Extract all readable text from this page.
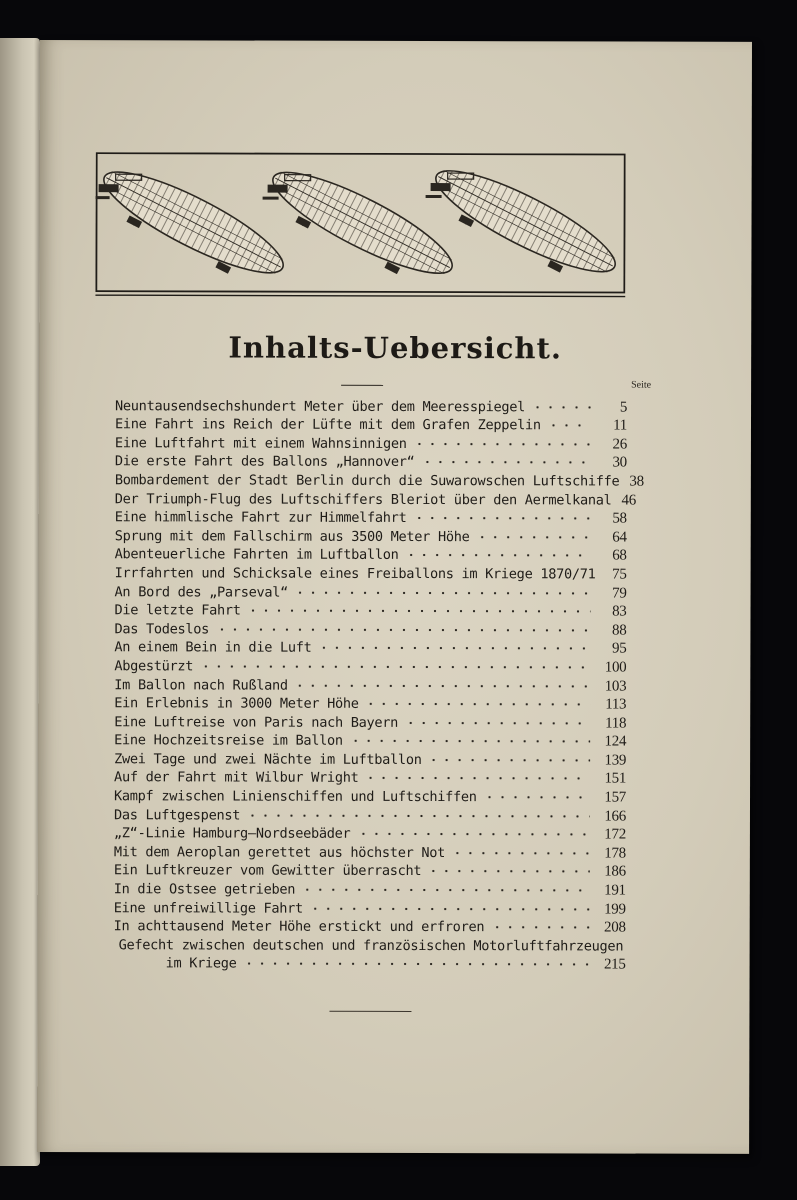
Inhalts-Uebersicht.
Seite
Neuntausendsechshundert Meter über dem Meeresspiegel	5
Eine Fahrt ins Reich der Lüfte mit dem Grafen Zeppelin	11
Eine Luftfahrt mit einem Wahnsinnigen	26
Die erste Fahrt des Ballons „Hannover“	30
Bombardement der Stadt Berlin durch die Suwarowschen Luftschiffe 38
Der Triumph-Flug des Luftschiffers Bleriot über den Aermelkanal 46
Eine himmlische Fahrt zur Himmelfahrt	58
Sprung mit dem Fallschirm aus 3500 Meter Höhe	64
Abenteuerliche Fahrten im Luftballon	68
Irrfahrten und Schicksale eines Freiballons im Kriege 1870/71	75
An Bord des „Parseval“	79
Die letzte Fahrt	83
Das Todeslos	88
An einem Bein in die Luft	95
Abgestürzt	100
Im Ballon nach Rußland	103
Ein Erlebnis in 3000 Meter Höhe	113
Eine Luftreise von Paris nach Bayern	118
Eine Hochzeitsreise im Ballon	124
Zwei Tage und zwei Nächte im Luftballon	139
Auf der Fahrt mit Wilbur Wright	151
Kampf zwischen Linienschiffen und Luftschiffen	157
Das Luftgespenst	166
„Z“-Linie Hamburg—Nordseebäder	172
Mit dem Aeroplan gerettet aus höchster Not	178
Ein Luftkreuzer vom Gewitter überrascht	186
In die Ostsee getrieben	191
Eine unfreiwillige Fahrt	199
In achttausend Meter Höhe erstickt und erfroren	208
Gefecht zwischen deutschen und französischen Motorluftfahrzeugen
im Kriege	215
